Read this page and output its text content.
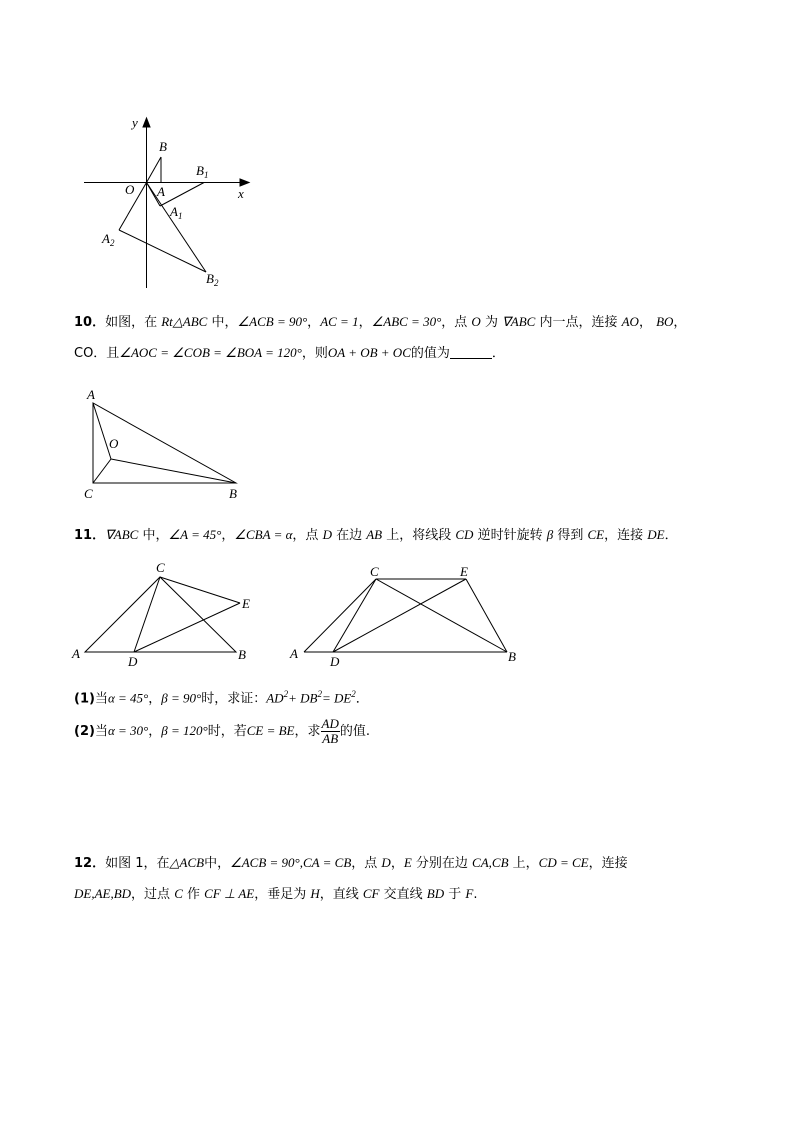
y
x
O A
B
$B_1$
$A_1$
$A_2$
$B_2$
10．如图，在 Rt△ABC 中，∠ACB = 90°，AC = 1，∠ABC = 30°，点 O 为 ∇ABC 内一点，连接 AO， BO，
CO．且∠AOC = ∠COB = ∠BOA = 120°，则OA + OB + OC的值为	．
A
O
C	B
11．∇ABC 中，∠A = 45°，∠CBA = α，点 D 在边 AB 上，将线段 CD 逆时针旋转 β 得到 CE，连接 DE．
C
E
A
D	B
C	E
A
D	B
(1)当α = 45°，β = 90°时，求证：$AD^2+ DB^2= DE^2$．
(2)当α = 30°，β = 120°时，若CE = BE，求 $\frac{AD}{AB}$ 的值.
12．如图 1，在△ACB中，∠ACB = 90°,CA = CB，点 D，E 分别在边 CA,CB 上，CD = CE，连接
DE,AE,BD，过点 C 作 CF ⊥ AE，垂足为 H，直线 CF 交直线 BD 于 F.
